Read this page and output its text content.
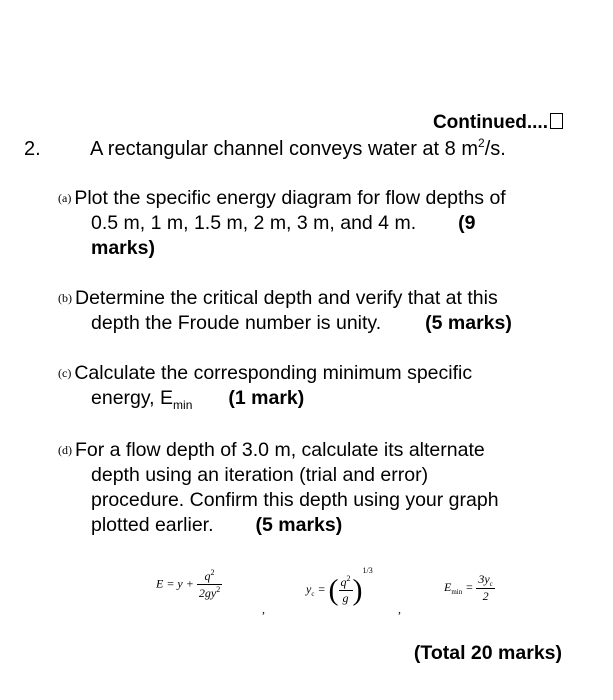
Continued....
2. A rectangular channel conveys water at 8 $m^2/s$.
(a) Plot the specific energy diagram for flow depths of
0.5 m, 1 m, 1.5 m, 2 m, 3 m, and 4 m. (9
marks)
(b) Determine the critical depth and verify that at this
depth the Froude number is unity. (5 marks)
(c) Calculate the corresponding minimum specific
energy, $E_{min}$ (1 mark)
(d) For a flow depth of 3.0 m, calculate its alternate
depth using an iteration (trial and error)
procedure. Confirm this depth using your graph
plotted earlier. (5 marks)
$E = y + \frac{q^2}{2gy^2}$
,
$y_c$ = ( $\frac{q^2}{g} )^{1/3}$
,
$E_{min} = \frac{3y_c}{2}$
(Total 20 marks)
